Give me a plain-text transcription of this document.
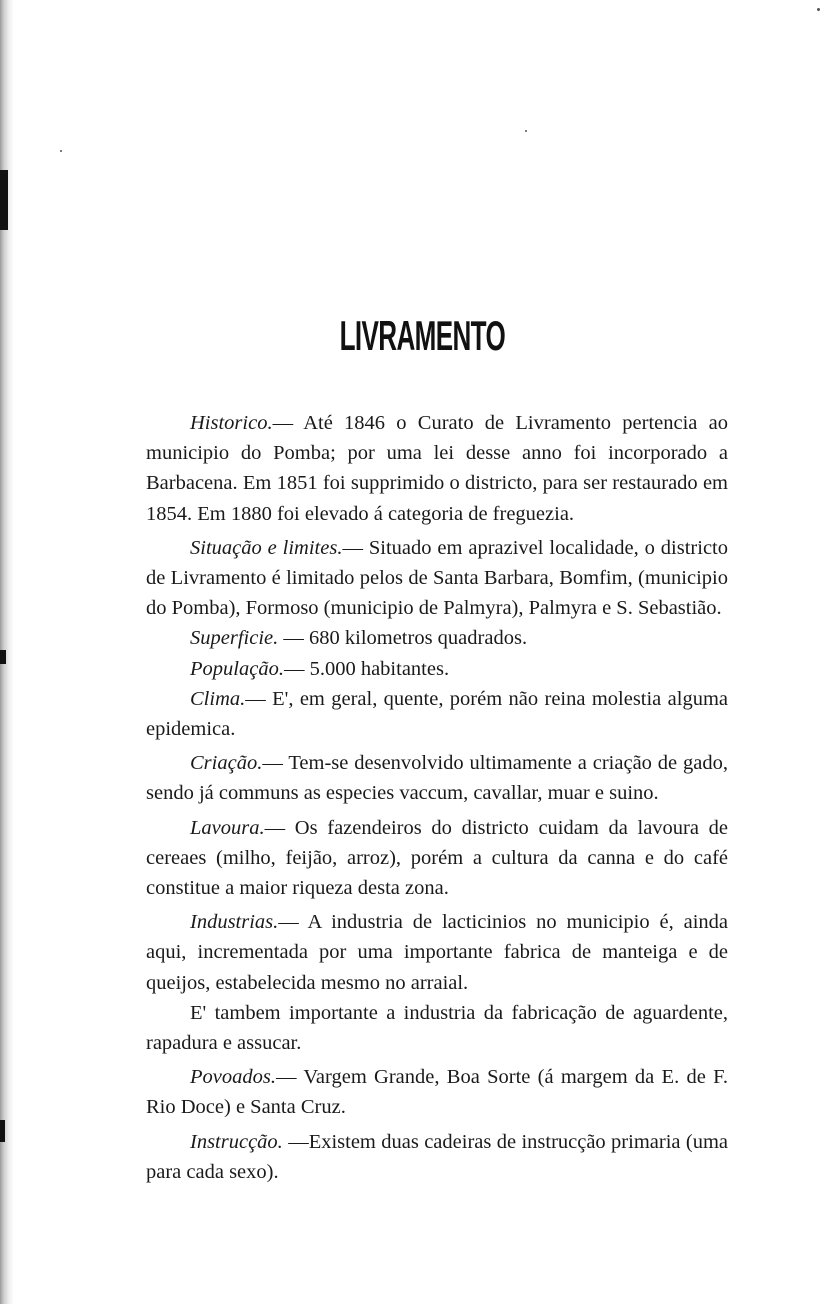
LIVRAMENTO

Historico.— Até 1846 o Curato de Livramento pertencia ao municipio do Pomba; por uma lei desse anno foi incorporado a Barbacena. Em 1851 foi supprimido o districto, para ser restaurado em 1854. Em 1880 foi elevado á categoria de freguezia.

Situação e limites.— Situado em aprazivel localidade, o districto de Livramento é limitado pelos de Santa Barbara, Bomfim, (municipio do Pomba), Formoso (municipio de Palmyra), Palmyra e S. Sebastião.

Superficie. — 680 kilometros quadrados.

População.— 5.000 habitantes.

Clima.— E', em geral, quente, porém não reina molestia alguma epidemica.

Criação.— Tem-se desenvolvido ultimamente a criação de gado, sendo já communs as especies vaccum, cavallar, muar e suino.

Lavoura.— Os fazendeiros do districto cuidam da lavoura de cereaes (milho, feijão, arroz), porém a cultura da canna e do café constitue a maior riqueza desta zona.

Industrias.— A industria de lacticinios no municipio é, ainda aqui, incrementada por uma importante fabrica de manteiga e de queijos, estabelecida mesmo no arraial.

E' tambem importante a industria da fabricação de aguardente, rapadura e assucar.

Povoados.— Vargem Grande, Boa Sorte (á margem da E. de F. Rio Doce) e Santa Cruz.

Instrucção. —Existem duas cadeiras de instrucção primaria (uma para cada sexo).
